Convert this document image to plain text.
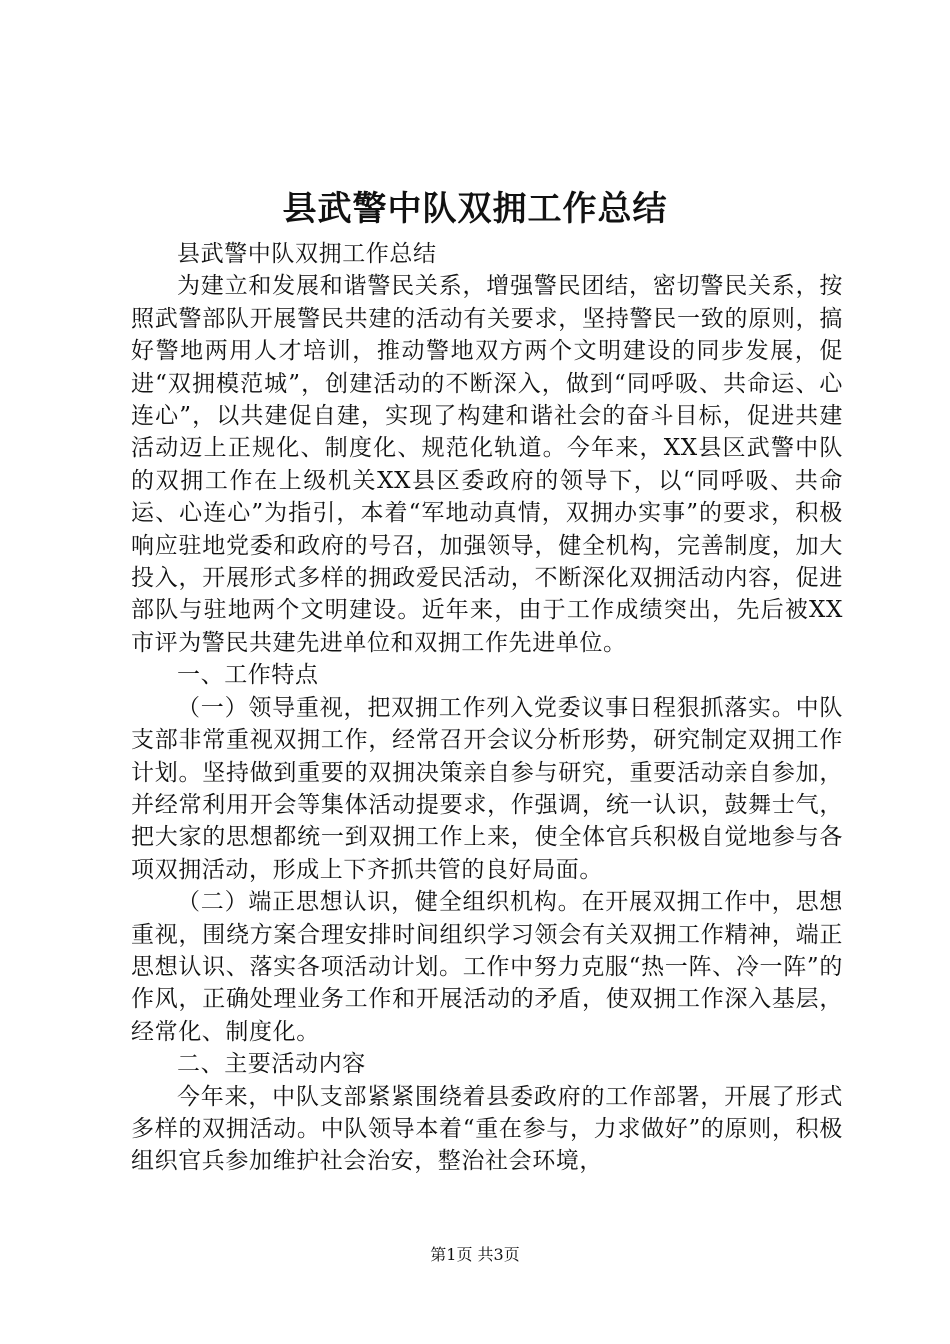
县武警中队双拥工作总结

县武警中队双拥工作总结

为建立和发展和谐警民关系，增强警民团结，密切警民关系，按照武警部队开展警民共建的活动有关要求，坚持警民一致的原则，搞好警地两用人才培训，推动警地双方两个文明建设的同步发展，促进“双拥模范城”，创建活动的不断深入，做到“同呼吸、共命运、心连心”，以共建促自建，实现了构建和谐社会的奋斗目标，促进共建活动迈上正规化、制度化、规范化轨道。今年来，XX县区武警中队的双拥工作在上级机关XX县区委政府的领导下，以“同呼吸、共命运、心连心”为指引，本着“军地动真情，双拥办实事”的要求，积极响应驻地党委和政府的号召，加强领导，健全机构，完善制度，加大投入，开展形式多样的拥政爱民活动，不断深化双拥活动内容，促进部队与驻地两个文明建设。近年来，由于工作成绩突出，先后被XX市评为警民共建先进单位和双拥工作先进单位。

一、工作特点

（一）领导重视，把双拥工作列入党委议事日程狠抓落实。中队支部非常重视双拥工作，经常召开会议分析形势，研究制定双拥工作计划。坚持做到重要的双拥决策亲自参与研究，重要活动亲自参加，并经常利用开会等集体活动提要求，作强调，统一认识，鼓舞士气，把大家的思想都统一到双拥工作上来，使全体官兵积极自觉地参与各项双拥活动，形成上下齐抓共管的良好局面。

（二）端正思想认识，健全组织机构。在开展双拥工作中，思想重视，围绕方案合理安排时间组织学习领会有关双拥工作精神，端正思想认识、落实各项活动计划。工作中努力克服“热一阵、冷一阵”的作风，正确处理业务工作和开展活动的矛盾，使双拥工作深入基层，经常化、制度化。

二、主要活动内容

今年来，中队支部紧紧围绕着县委政府的工作部署，开展了形式多样的双拥活动。中队领导本着“重在参与，力求做好”的原则，积极组织官兵参加维护社会治安，整治社会环境，

第1页 共3页
